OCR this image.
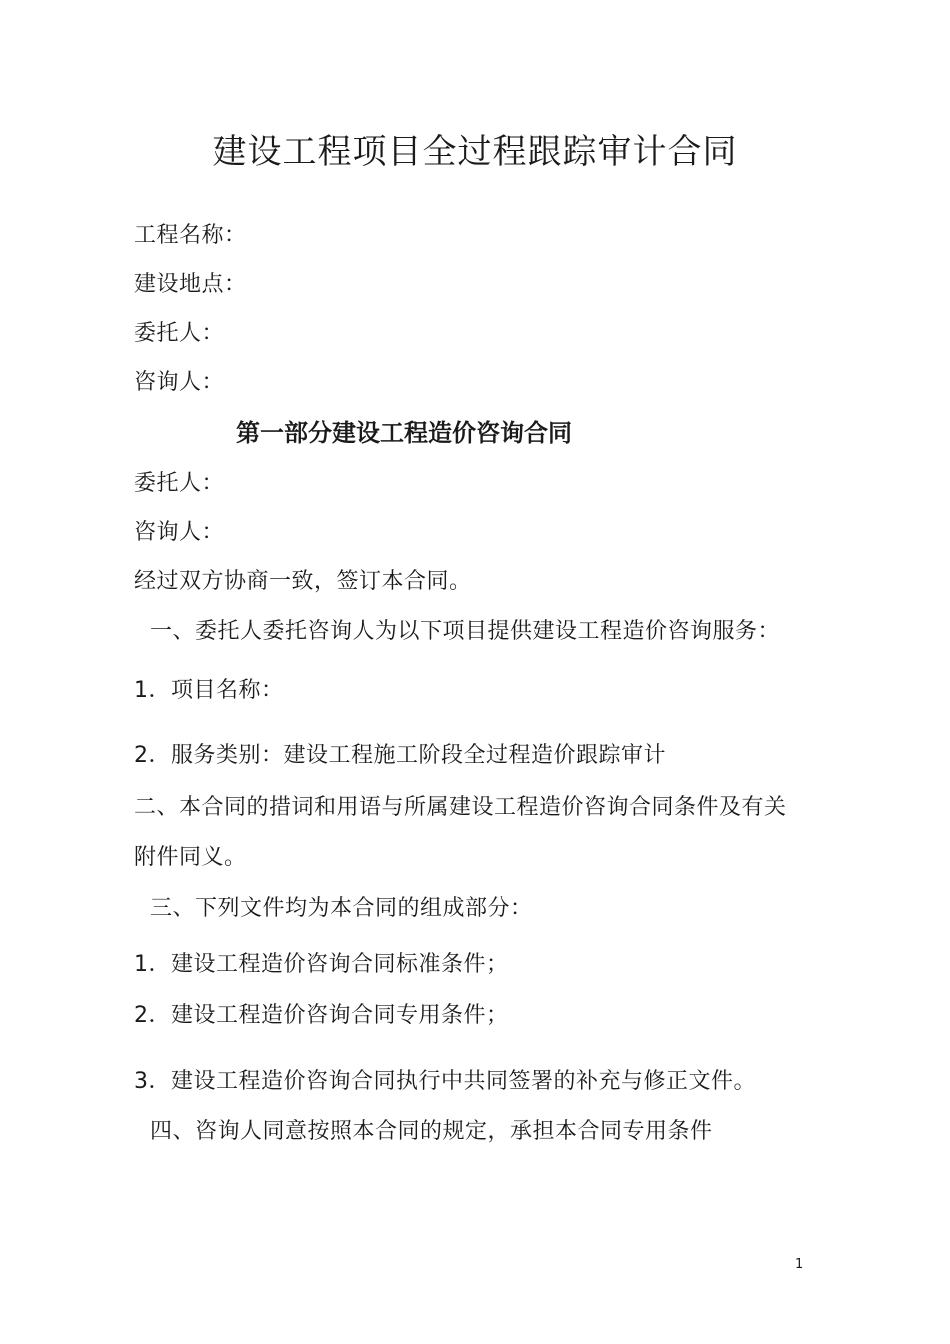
建设工程项目全过程跟踪审计合同
工程名称：
建设地点：
委托人：
咨询人：
第一部分建设工程造价咨询合同
委托人：
咨询人：
经过双方协商一致，签订本合同。
一、委托人委托咨询人为以下项目提供建设工程造价咨询服务：
1．项目名称：
2．服务类别：建设工程施工阶段全过程造价跟踪审计
二、本合同的措词和用语与所属建设工程造价咨询合同条件及有关
附件同义。
三、下列文件均为本合同的组成部分：
1．建设工程造价咨询合同标准条件；
2．建设工程造价咨询合同专用条件；
3．建设工程造价咨询合同执行中共同签署的补充与修正文件。
四、咨询人同意按照本合同的规定，承担本合同专用条件
1
